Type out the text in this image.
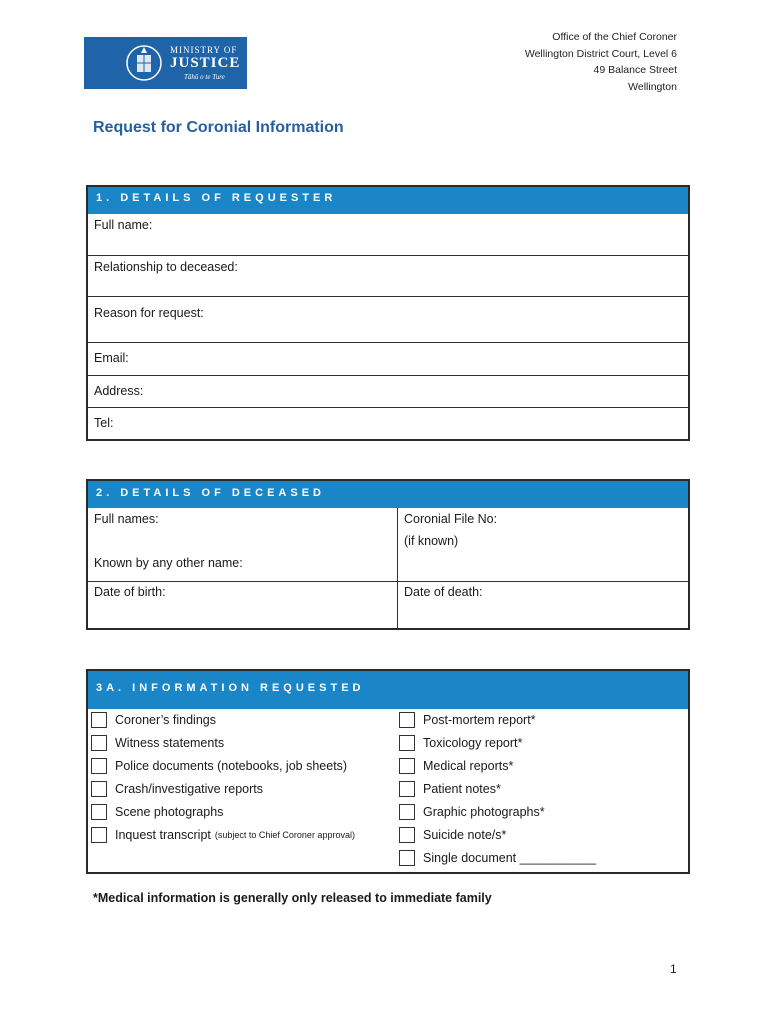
MINISTRY OF
JUSTICE
Tāhū o te Ture
Office of the Chief Coroner
Wellington District Court, Level 6
49 Balance Street
Wellington
Request for Coronial Information
1. DETAILS OF REQUESTER
Full name:
Relationship to deceased:
Reason for request:
Email:
Address:
Tel:
2. DETAILS OF DECEASED
Full names:
Known by any other name:
Coronial File No:
(if known)
Date of birth:	Date of death:
3A. INFORMATION REQUESTED
Coroner’s findings
Witness statements
Police documents (notebooks, job sheets)
Crash/investigative reports
Scene photographs
Inquest transcript (subject to Chief Coroner approval)
Post-mortem report*
Toxicology report*
Medical reports*
Patient notes*
Graphic photographs*
Suicide note/s*
Single document ___________
*Medical information is generally only released to immediate family
1
